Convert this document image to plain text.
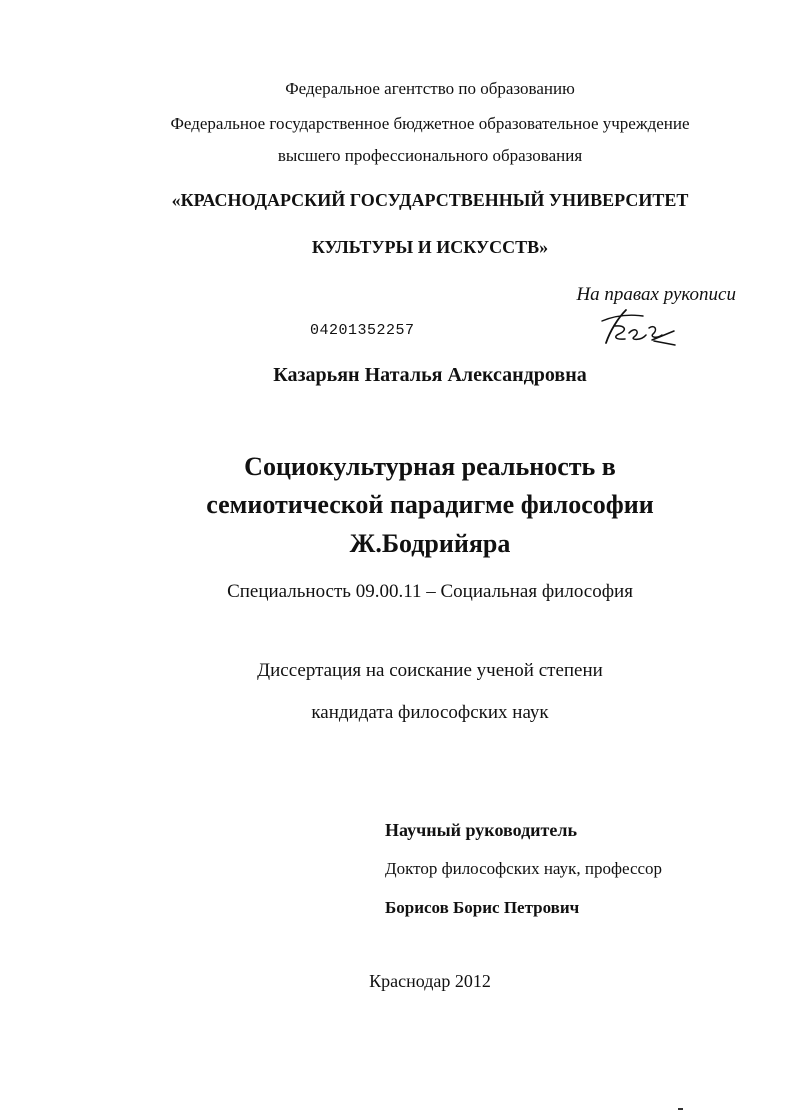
Федеральное агентство по образованию
Федеральное государственное бюджетное образовательное учреждение
высшего профессионального образования
«КРАСНОДАРСКИЙ ГОСУДАРСТВЕННЫЙ УНИВЕРСИТЕТ
КУЛЬТУРЫ И ИСКУССТВ»
На правах рукописи
04201352257
Казарьян Наталья Александровна
Социокультурная реальность в
семиотической парадигме философии
Ж.Бодрийяра
Специальность 09.00.11 – Социальная философия
Диссертация на соискание ученой степени
кандидата философских наук
Научный руководитель
Доктор философских наук, профессор
Борисов Борис Петрович
Краснодар 2012
